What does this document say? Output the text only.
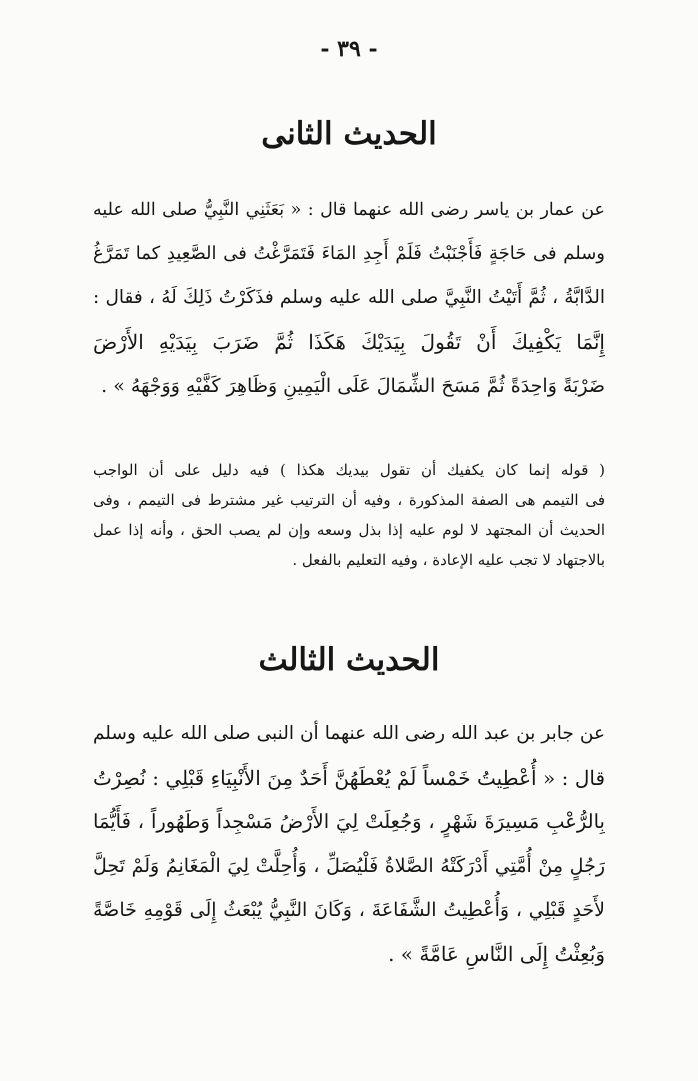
- ٣٩ -
الحديث الثانى
عن عمار بن ياسر رضى الله عنهما قال : « بَعَثَنِي النَّبِيُّ صلى الله عليه
وسلم فى حَاجَةٍ فَأَجْنَبْتُ فَلَمْ أَجِدِ المَاءَ فَتَمَرَّغْتُ فى الصَّعِيدِ كما تَمَرَّغُ
الدَّابَّةُ ، ثُمَّ أَتَيْتُ النَّبِيَّ صلى الله عليه وسلم فذَكَرْتُ ذَلِكَ لَهُ ، فقال :
إِنَّمَا يَكْفِيكَ أَنْ تَقُولَ بِيَدَيْكَ هَكَذَا ثُمَّ ضَرَبَ بِيَدَيْهِ الأَرْضَ
ضَرْبَةً وَاحِدَةً ثُمَّ مَسَحَ الشِّمَالَ عَلَى الْيَمِينِ وَظَاهِرَ كَفَّيْهِ وَوَجْهَهُ » .
( قوله إنما كان يكفيك أن تقول بيديك هكذا ) فيه دليل على أن الواجب
فى التيمم هى الصفة المذكورة ، وفيه أن الترتيب غير مشترط فى التيمم ، وفى
الحديث أن المجتهد لا لوم عليه إذا بذل وسعه وإن لم يصب الحق ، وأنه إذا عمل
بالاجتهاد لا تجب عليه الإعادة ، وفيه التعليم بالفعل .
الحديث الثالث
عن جابر بن عبد الله رضى الله عنهما أن النبى صلى الله عليه وسلم
قال : « أُعْطِيتُ خَمْساً لَمْ يُعْطَهُنَّ أَحَدٌ مِنَ الأَنْبِيَاءِ قَبْلِي : نُصِرْتُ
بِالرُّعْبِ مَسِيرَةَ شَهْرٍ ، وَجُعِلَتْ لِيَ الأَرْضُ مَسْجِداً وَطَهُوراً ، فَأَيُّمَا
رَجُلٍ مِنْ أُمَّتِي أَدْرَكَتْهُ الصَّلاةُ فَلْيُصَلِّ ، وَأُحِلَّتْ لِيَ الْمَغَانِمُ وَلَمْ تَحِلَّ
لأَحَدٍ قَبْلِي ، وَأُعْطِيتُ الشَّفَاعَةَ ، وَكَانَ النَّبِيُّ يُبْعَثُ إِلَى قَوْمِهِ خَاصَّةً
وَبُعِثْتُ إِلَى النَّاسِ عَامَّةً » .
